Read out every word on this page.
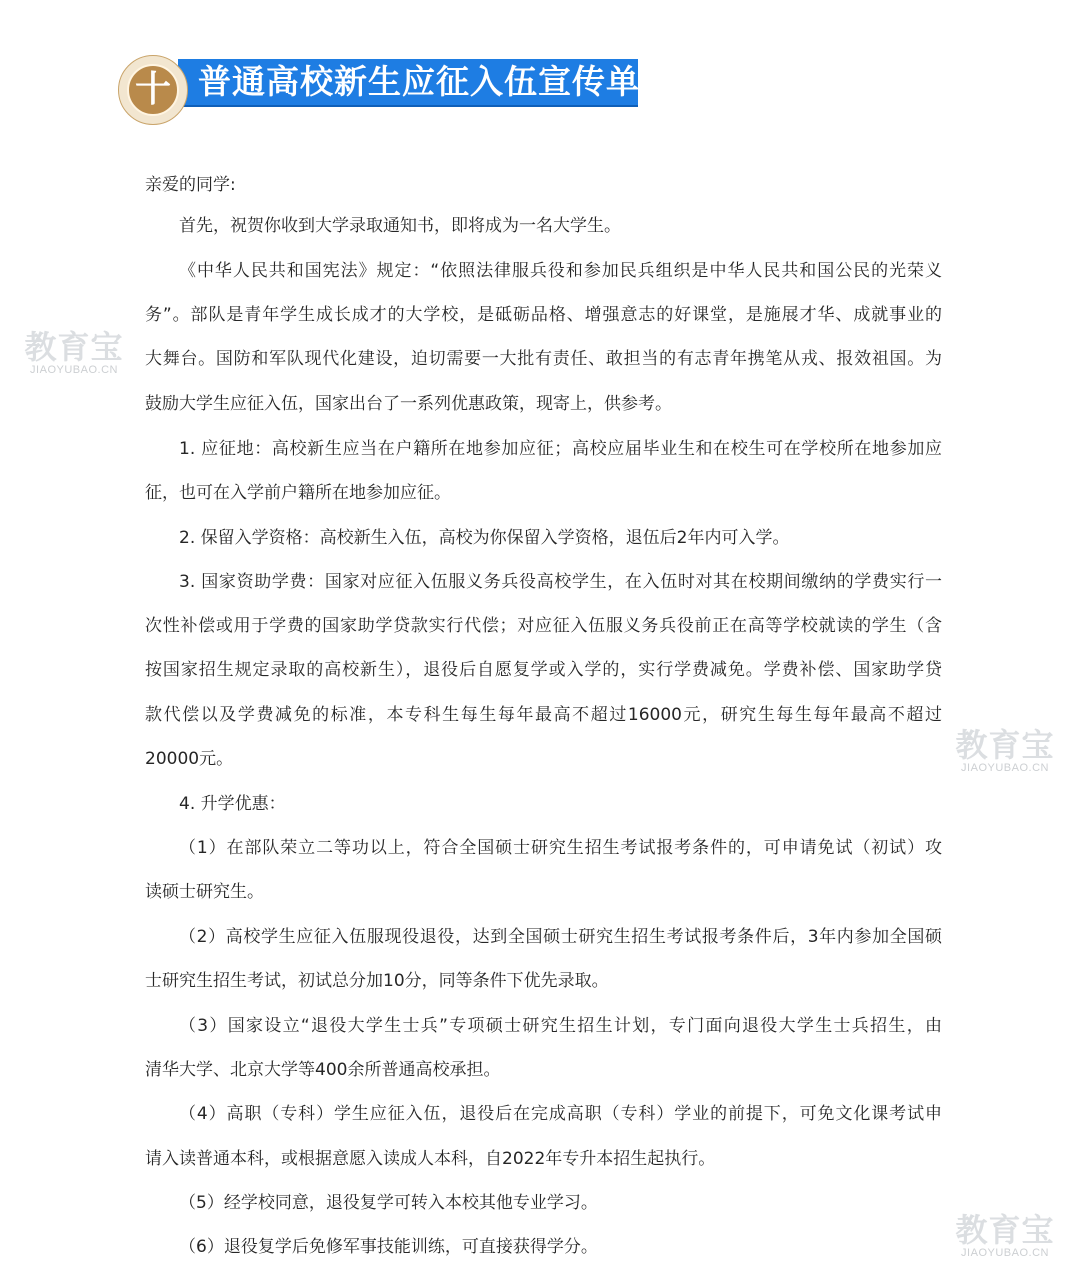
十 普通高校新生应征入伍宣传单
教育宝
JIAOYUBAO.CN
教育宝
JIAOYUBAO.CN
教育宝
JIAOYUBAO.CN
亲爱的同学:
首先，祝贺你收到大学录取通知书，即将成为一名大学生。
《中华人民共和国宪法》规定：“依照法律服兵役和参加民兵组织是中华人民共和国公民的光荣义
务”。部队是青年学生成长成才的大学校，是砥砺品格、增强意志的好课堂，是施展才华、成就事业的
大舞台。国防和军队现代化建设，迫切需要一大批有责任、敢担当的有志青年携笔从戎、报效祖国。为
鼓励大学生应征入伍，国家出台了一系列优惠政策，现寄上，供参考。
1. 应征地：高校新生应当在户籍所在地参加应征；高校应届毕业生和在校生可在学校所在地参加应
征，也可在入学前户籍所在地参加应征。
2. 保留入学资格：高校新生入伍，高校为你保留入学资格，退伍后2年内可入学。
3. 国家资助学费：国家对应征入伍服义务兵役高校学生，在入伍时对其在校期间缴纳的学费实行一
次性补偿或用于学费的国家助学贷款实行代偿；对应征入伍服义务兵役前正在高等学校就读的学生（含
按国家招生规定录取的高校新生），退役后自愿复学或入学的，实行学费减免。学费补偿、国家助学贷
款代偿以及学费减免的标准，本专科生每生每年最高不超过16000元，研究生每生每年最高不超过
20000元。
4. 升学优惠：
（1）在部队荣立二等功以上，符合全国硕士研究生招生考试报考条件的，可申请免试（初试）攻
读硕士研究生。
（2）高校学生应征入伍服现役退役，达到全国硕士研究生招生考试报考条件后，3年内参加全国硕
士研究生招生考试，初试总分加10分，同等条件下优先录取。
（3）国家设立“退役大学生士兵”专项硕士研究生招生计划，专门面向退役大学生士兵招生，由
清华大学、北京大学等400余所普通高校承担。
（4）高职（专科）学生应征入伍，退役后在完成高职（专科）学业的前提下，可免文化课考试申
请入读普通本科，或根据意愿入读成人本科，自2022年专升本招生起执行。
（5）经学校同意，退役复学可转入本校其他专业学习。
（6）退役复学后免修军事技能训练，可直接获得学分。
